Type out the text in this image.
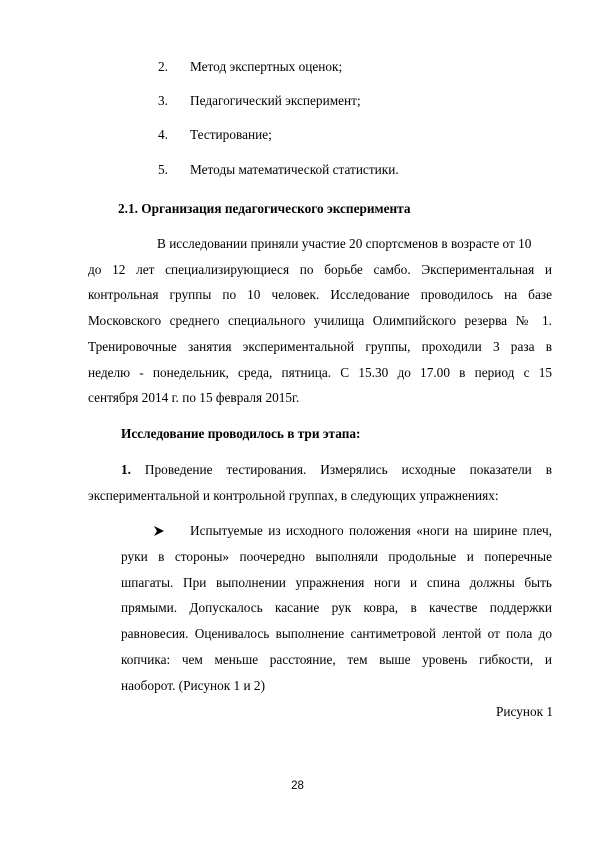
2. Метод экспертных оценок;
3. Педагогический эксперимент;
4. Тестирование;
5. Методы математической статистики.
2.1. Организация педагогического эксперимента
В исследовании приняли участие 20 спортсменов в возрасте от 10
до 12 лет специализирующиеся по борьбе самбо. Экспериментальная и
контрольная группы по 10 человек. Исследование проводилось на базе
Московского среднего специального училища Олимпийского резерва № 1.
Тренировочные занятия экспериментальной группы, проходили 3 раза в
неделю - понедельник, среда, пятница. С 15.30 до 17.00 в период с 15
сентября 2014 г. по 15 февраля 2015г.
Исследование проводилось в три этапа:
1. Проведение тестирования. Измерялись исходные показатели в
экспериментальной и контрольной группах, в следующих упражнениях:
Испытуемые из исходного положения «ноги на ширине плеч,
руки в стороны» поочередно выполняли продольные и поперечные
шпагаты. При выполнении упражнения ноги и спина должны быть
прямыми. Допускалось касание рук ковра, в качестве поддержки
равновесия. Оценивалось выполнение сантиметровой лентой от пола до
копчика: чем меньше расстояние, тем выше уровень гибкости, и
наоборот. (Рисунок 1 и 2)
Рисунок 1
28
